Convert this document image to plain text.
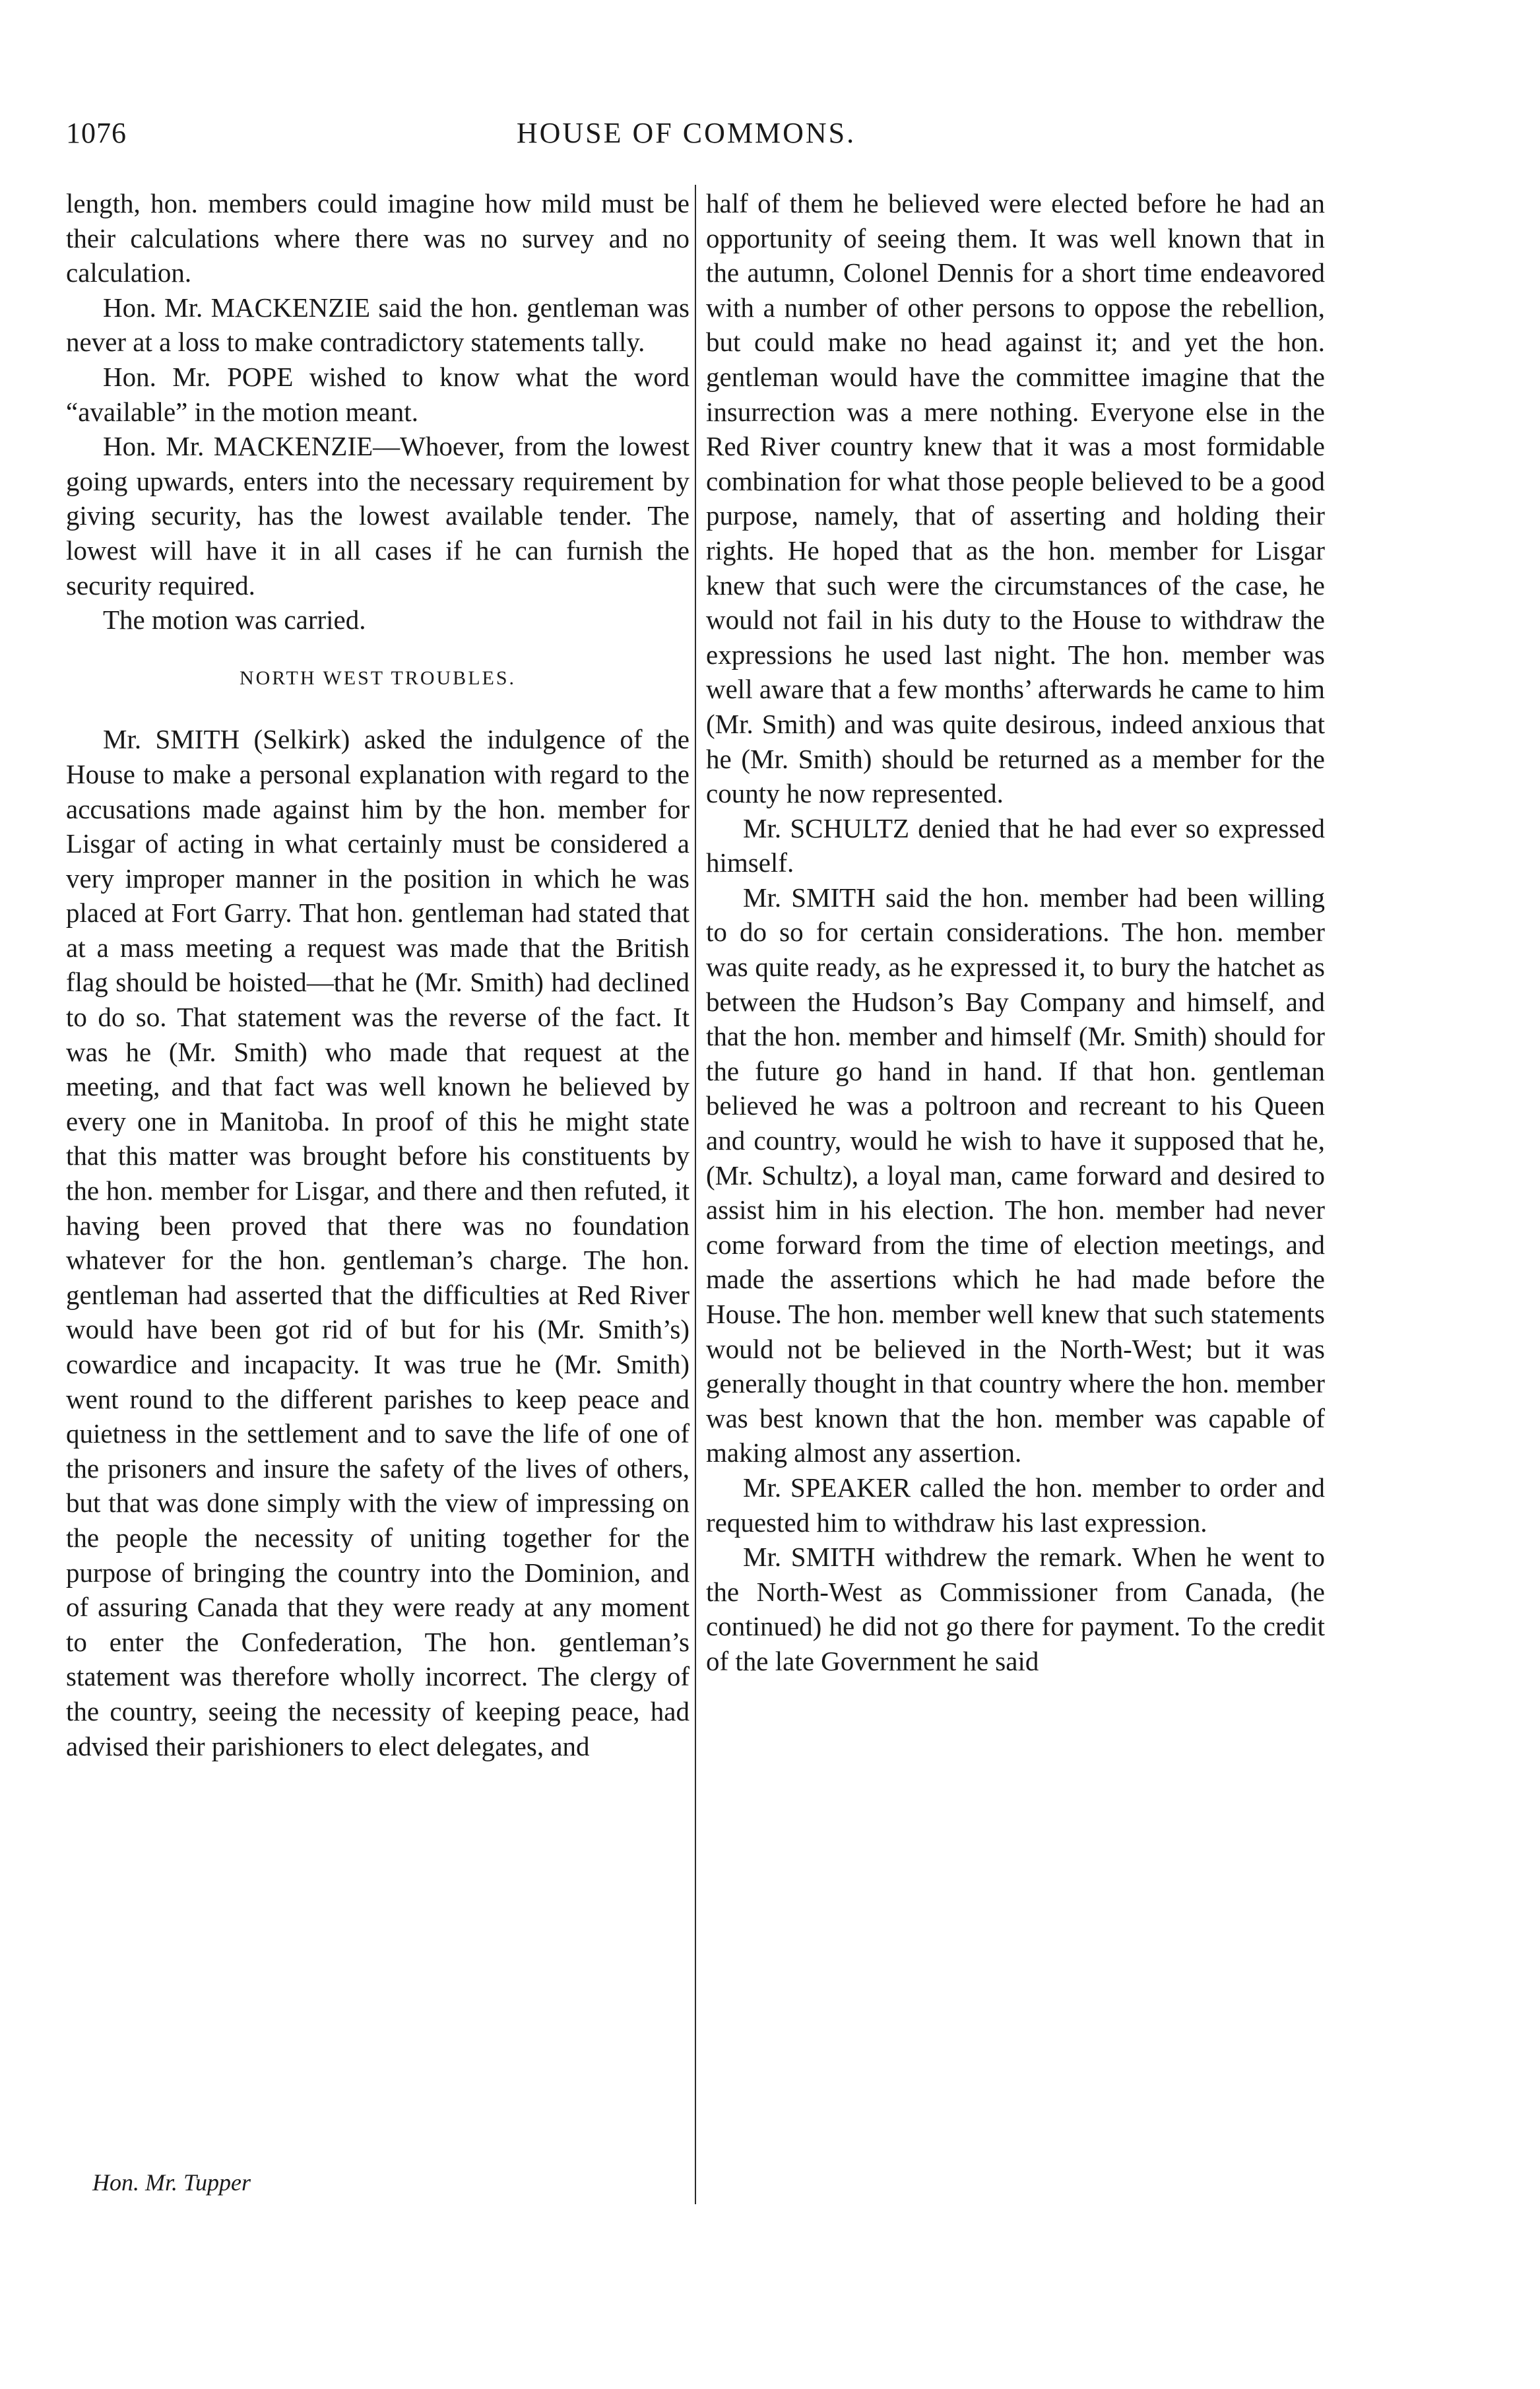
1076	HOUSE OF COMMONS.

length, hon. members could imagine how mild must be their calculations where there was no survey and no calculation.

Hon. Mr. MACKENZIE said the hon. gentleman was never at a loss to make contradictory statements tally.

Hon. Mr. POPE wished to know what the word “available” in the motion meant.

Hon. Mr. MACKENZIE—Whoever, from the lowest going upwards, enters into the necessary requirement by giving security, has the lowest available tender. The lowest will have it in all cases if he can furnish the security required.

The motion was carried.

NORTH WEST TROUBLES.

Mr. SMITH (Selkirk) asked the indulgence of the House to make a personal explanation with regard to the accusations made against him by the hon. member for Lisgar of acting in what certainly must be considered a very improper manner in the position in which he was placed at Fort Garry. That hon. gentleman had stated that at a mass meeting a request was made that the British flag should be hoisted—that he (Mr. Smith) had declined to do so. That statement was the reverse of the fact. It was he (Mr. Smith) who made that request at the meeting, and that fact was well known he believed by every one in Manitoba. In proof of this he might state that this matter was brought before his constituents by the hon. member for Lisgar, and there and then refuted, it having been proved that there was no foundation whatever for the hon. gentleman’s charge. The hon. gentleman had asserted that the difficulties at Red River would have been got rid of but for his (Mr. Smith’s) cowardice and incapacity. It was true he (Mr. Smith) went round to the different parishes to keep peace and quietness in the settlement and to save the life of one of the prisoners and insure the safety of the lives of others, but that was done simply with the view of impressing on the people the necessity of uniting together for the purpose of bringing the country into the Dominion, and of assuring Canada that they were ready at any moment to enter the Confederation, The hon. gentleman’s statement was therefore wholly incorrect. The clergy of the country, seeing the necessity of keeping peace, had advised their parishioners to elect delegates, and

half of them he believed were elected before he had an opportunity of seeing them. It was well known that in the autumn, Colonel Dennis for a short time endeavored with a number of other persons to oppose the rebellion, but could make no head against it; and yet the hon. gentleman would have the committee imagine that the insurrection was a mere nothing. Everyone else in the Red River country knew that it was a most formidable combination for what those people believed to be a good purpose, namely, that of asserting and holding their rights. He hoped that as the hon. member for Lisgar knew that such were the circumstances of the case, he would not fail in his duty to the House to withdraw the expressions he used last night. The hon. member was well aware that a few months’ afterwards he came to him (Mr. Smith) and was quite desirous, indeed anxious that he (Mr. Smith) should be returned as a member for the county he now represented.

Mr. SCHULTZ denied that he had ever so expressed himself.

Mr. SMITH said the hon. member had been willing to do so for certain considerations. The hon. member was quite ready, as he expressed it, to bury the hatchet as between the Hudson’s Bay Company and himself, and that the hon. member and himself (Mr. Smith) should for the future go hand in hand. If that hon. gentleman believed he was a poltroon and recreant to his Queen and country, would he wish to have it supposed that he, (Mr. Schultz), a loyal man, came forward and desired to assist him in his election. The hon. member had never come forward from the time of election meetings, and made the assertions which he had made before the House. The hon. member well knew that such statements would not be believed in the North-West; but it was generally thought in that country where the hon. member was best known that the hon. member was capable of making almost any assertion.

Mr. SPEAKER called the hon. member to order and requested him to withdraw his last expression.

Mr. SMITH withdrew the remark. When he went to the North-West as Commissioner from Canada, (he continued) he did not go there for payment. To the credit of the late Government he said

Hon. Mr. Tupper
